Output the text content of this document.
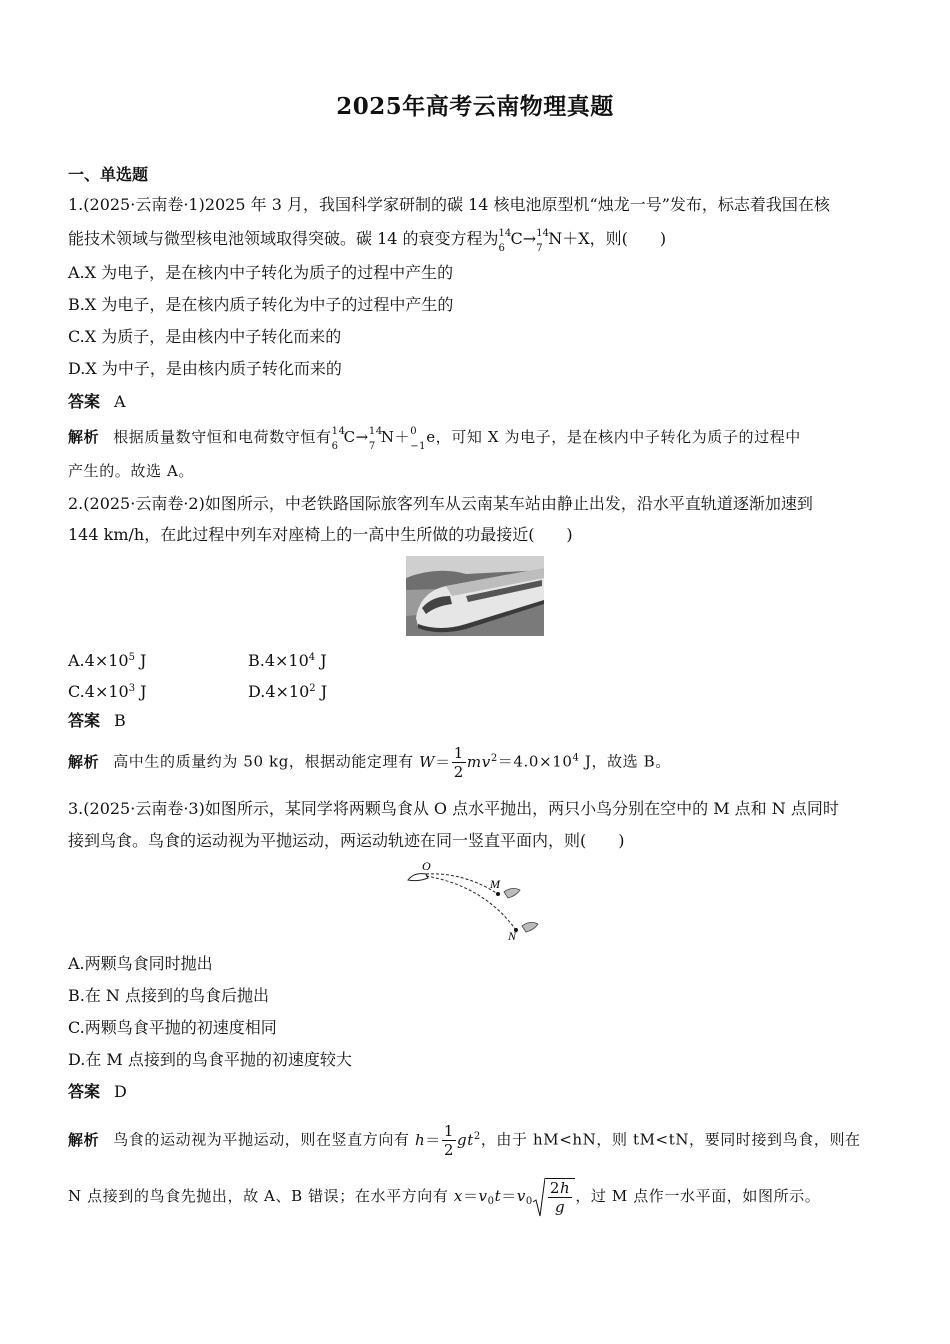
2025年高考云南物理真题
一、单选题
1.(2025·云南卷·1)2025 年 3 月，我国科学家研制的碳 14 核电池原型机“烛龙一号”发布，标志着我国在核
能技术领域与微型核电池领域取得突破。碳 14 的衰变方程为 14
6
C→ 14
7
N＋X，则(　　)
A.X 为电子，是在核内中子转化为质子的过程中产生的
B.X 为电子，是在核内质子转化为中子的过程中产生的
C.X 为质子，是由核内中子转化而来的
D.X 为中子，是由核内质子转化而来的
答案 A
解析 根据质量数守恒和电荷数守恒有 14
6
C→ 14
7
N＋ 0
−1
e，可知 X 为电子，是在核内中子转化为质子的过程中
产生的。故选 A。
2.(2025·云南卷·2)如图所示，中老铁路国际旅客列车从云南某车站由静止出发，沿水平直轨道逐渐加速到
144 km/h，在此过程中列车对座椅上的一高中生所做的功最接近(　　)
$A.4\times 10^5$ J	$B.4\times 10^4$ J
$C.4\times 10^3$ J	$D.4\times 10^2$ J
答案 B
解析 高中生的质量约为 50 kg，根据动能定理有 $W= \frac{1}{2} mv^2=4.0\times 10^4$ J，故选 B。
3.(2025·云南卷·3)如图所示，某同学将两颗鸟食从 O 点水平抛出，两只小鸟分别在空中的 M 点和 N 点同时
接到鸟食。鸟食的运动视为平抛运动，两运动轨迹在同一竖直平面内，则(　　)
O
M
N
A.两颗鸟食同时抛出
B.在 N 点接到的鸟食后抛出
C.两颗鸟食平抛的初速度相同
D.在 M 点接到的鸟食平抛的初速度较大
答案 D
解析 鸟食的运动视为平抛运动，则在竖直方向有 $h= \frac{1}{2} gt^2$，由于 hM<hN，则 tM<tN，要同时接到鸟食，则在
N 点接到的鸟食先抛出，故 A、B 错误；在水平方向有 $x=v_0t=v_0 \frac{2h}{g}$ ，过 M 点作一水平面，如图所示。
